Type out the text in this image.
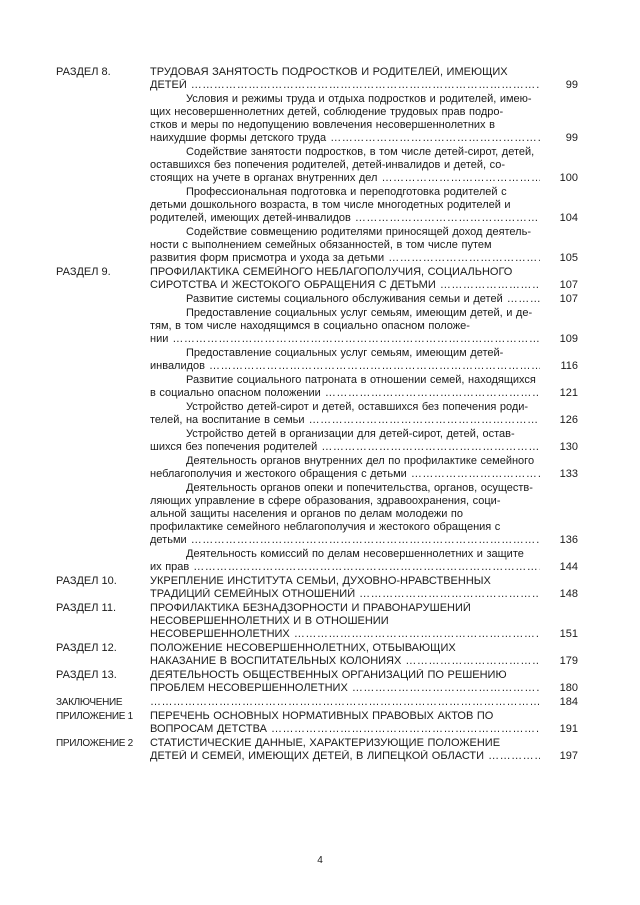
РАЗДЕЛ 8.	ТРУДОВАЯ ЗАНЯТОСТЬ ПОДРОСТКОВ И РОДИТЕЛЕЙ, ИМЕЮЩИХ
ДЕТЕЙ ………………………………………………………………………………………………………………………………………………………………………………	99
Условия и режимы труда и отдыха подростков и родителей, имею-
щих несовершеннолетних детей, соблюдение трудовых прав подро-
стков и меры по недопущению вовлечения несовершеннолетних в
наихудшие формы детского труда ………………………………………………………………………………………………………………………………………………………………………………	99
Содействие занятости подростков, в том числе детей-сирот, детей,
оставшихся без попечения родителей, детей-инвалидов и детей, со-
стоящих на учете в органах внутренних дел ………………………………………………………………………………………………………………………………………………………………………………	100
Профессиональная подготовка и переподготовка родителей с
детьми дошкольного возраста, в том числе многодетных родителей и
родителей, имеющих детей-инвалидов ………………………………………………………………………………………………………………………………………………………………………………	104
Содействие совмещению родителями приносящей доход деятель-
ности с выполнением семейных обязанностей, в том числе путем
развития форм присмотра и ухода за детьми ………………………………………………………………………………………………………………………………………………………………………………	105
РАЗДЕЛ 9.	ПРОФИЛАКТИКА СЕМЕЙНОГО НЕБЛАГОПОЛУЧИЯ, СОЦИАЛЬНОГО
СИРОТСТВА И ЖЕСТОКОГО ОБРАЩЕНИЯ С ДЕТЬМИ ………………………………………………………………………………………………………………………………………………………………………………	107
Развитие системы социального обслуживания семьи и детей ………………………………………………………………………………………………………………………………………………………………………………	107
Предоставление социальных услуг семьям, имеющим детей, и де-
тям, в том числе находящимся в социально опасном положе-
нии ………………………………………………………………………………………………………………………………………………………………………………	109
Предоставление социальных услуг семьям, имеющим детей-
инвалидов ………………………………………………………………………………………………………………………………………………………………………………	116
Развитие социального патроната в отношении семей, находящихся
в социально опасном положении ………………………………………………………………………………………………………………………………………………………………………………	121
Устройство детей-сирот и детей, оставшихся без попечения роди-
телей, на воспитание в семьи ………………………………………………………………………………………………………………………………………………………………………………	126
Устройство детей в организации для детей-сирот, детей, остав-
шихся без попечения родителей ………………………………………………………………………………………………………………………………………………………………………………	130
Деятельность органов внутренних дел по профилактике семейного
неблагополучия и жестокого обращения с детьми ………………………………………………………………………………………………………………………………………………………………………………	133
Деятельность органов опеки и попечительства, органов, осуществ-
ляющих управление в сфере образования, здравоохранения, соци-
альной защиты населения и органов по делам молодежи по
профилактике семейного неблагополучия и жестокого обращения с
детьми ………………………………………………………………………………………………………………………………………………………………………………	136
Деятельность комиссий по делам несовершеннолетних и защите
их прав ………………………………………………………………………………………………………………………………………………………………………………	144
РАЗДЕЛ 10.	УКРЕПЛЕНИЕ ИНСТИТУТА СЕМЬИ, ДУХОВНО-НРАВСТВЕННЫХ
ТРАДИЦИЙ СЕМЕЙНЫХ ОТНОШЕНИЙ ………………………………………………………………………………………………………………………………………………………………………………	148
РАЗДЕЛ 11.	ПРОФИЛАКТИКА БЕЗНАДЗОРНОСТИ И ПРАВОНАРУШЕНИЙ
НЕСОВЕРШЕННОЛЕТНИХ И В ОТНОШЕНИИ
НЕСОВЕРШЕННОЛЕТНИХ ………………………………………………………………………………………………………………………………………………………………………………	151
РАЗДЕЛ 12.	ПОЛОЖЕНИЕ НЕСОВЕРШЕННОЛЕТНИХ, ОТБЫВАЮЩИХ
НАКАЗАНИЕ В ВОСПИТАТЕЛЬНЫХ КОЛОНИЯХ ………………………………………………………………………………………………………………………………………………………………………………	179
РАЗДЕЛ 13.	ДЕЯТЕЛЬНОСТЬ ОБЩЕСТВЕННЫХ ОРГАНИЗАЦИЙ ПО РЕШЕНИЮ
ПРОБЛЕМ НЕСОВЕРШЕННОЛЕТНИХ ………………………………………………………………………………………………………………………………………………………………………………	180
ЗАКЛЮЧЕНИЕ ………………………………………………………………………………………………………………………………………………………………………………	184
ПРИЛОЖЕНИЕ 1	ПЕРЕЧЕНЬ ОСНОВНЫХ НОРМАТИВНЫХ ПРАВОВЫХ АКТОВ ПО
ВОПРОСАМ ДЕТСТВА ………………………………………………………………………………………………………………………………………………………………………………	191
ПРИЛОЖЕНИЕ 2	СТАТИСТИЧЕСКИЕ ДАННЫЕ, ХАРАКТЕРИЗУЮЩИЕ ПОЛОЖЕНИЕ
ДЕТЕЙ И СЕМЕЙ, ИМЕЮЩИХ ДЕТЕЙ, В ЛИПЕЦКОЙ ОБЛАСТИ ………………………………………………………………………………………………………………………………………………………………………………	197
4
